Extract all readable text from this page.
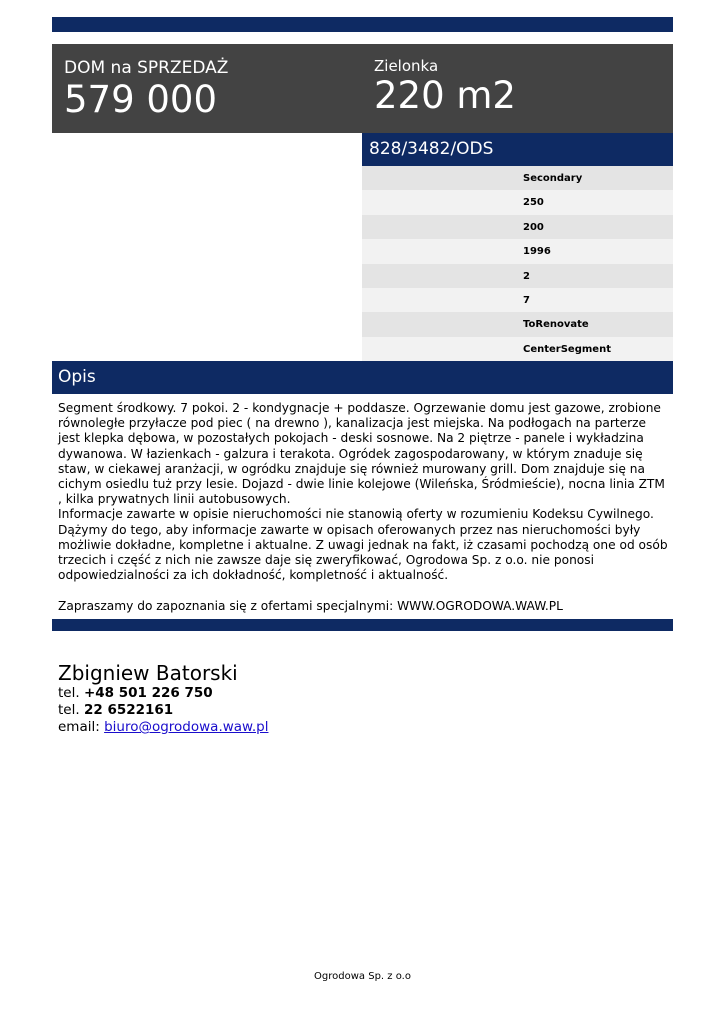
DOM na SPRZEDAŻ
579 000
Zielonka
220 m2
828/3482/ODS
Secondary
250
200
1996
2
7
ToRenovate
CenterSegment
Opis

Segment środkowy. 7 pokoi. 2 - kondygnacje + poddasze. Ogrzewanie domu jest gazowe, zrobione równoległe przyłacze pod piec ( na drewno ), kanalizacja jest miejska. Na podłogach na parterze jest klepka dębowa, w pozostałych pokojach - deski sosnowe. Na 2 piętrze - panele i wykładzina dywanowa. W łazienkach - galzura i terakota. Ogródek zagospodarowany, w którym znaduje się staw, w ciekawej aranżacji, w ogródku znajduje się również murowany grill. Dom znajduje się na cichym osiedlu tuż przy lesie. Dojazd - dwie linie kolejowe (Wileńska, Śródmieście), nocna linia ZTM , kilka prywatnych linii autobusowych.

Informacje zawarte w opisie nieruchomości nie stanowią oferty w rozumieniu Kodeksu Cywilnego. Dążymy do tego, aby informacje zawarte w opisach oferowanych przez nas nieruchomości były możliwie dokładne, kompletne i aktualne. Z uwagi jednak na fakt, iż czasami pochodzą one od osób trzecich i część z nich nie zawsze daje się zweryfikować, Ogrodowa Sp. z o.o. nie ponosi odpowiedzialności za ich dokładność, kompletność i aktualność.

Zapraszamy do zapoznania się z ofertami specjalnymi: WWW.OGRODOWA.WAW.PL

Zbigniew Batorski
tel. +48 501 226 750
tel. 22 6522161
email: biuro@ogrodowa.waw.pl
Ogrodowa Sp. z o.o
